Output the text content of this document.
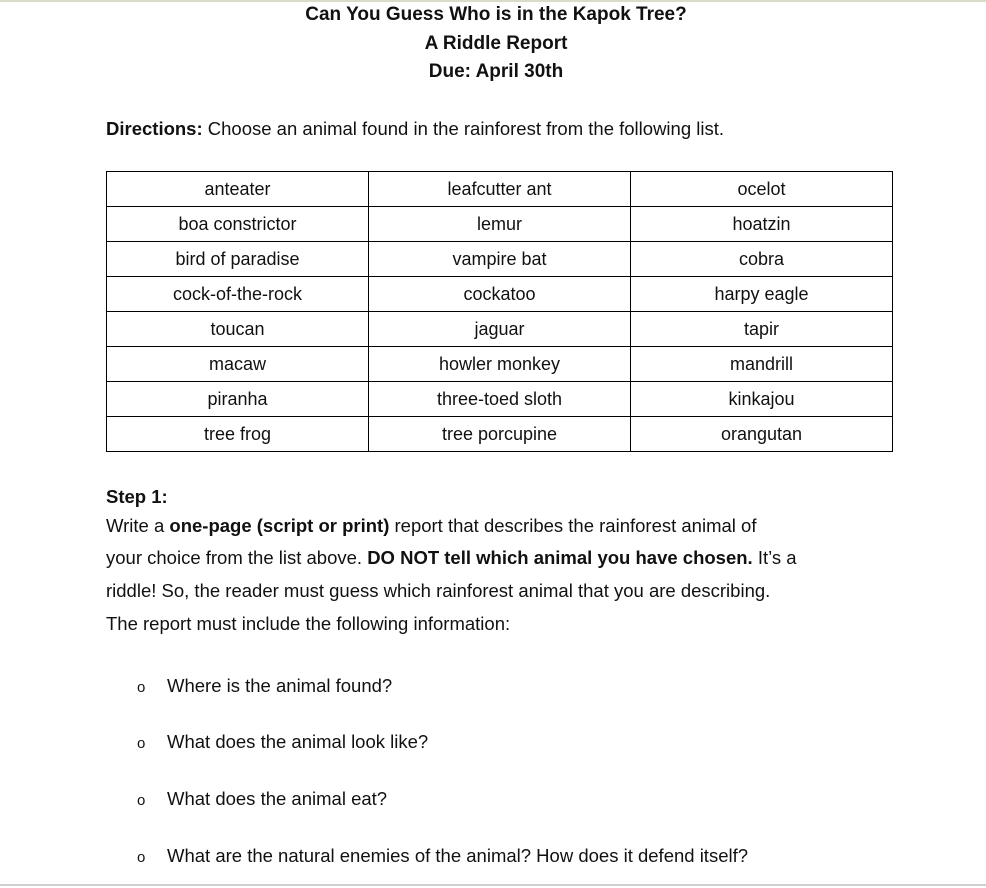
Can You Guess Who is in the Kapok Tree?
A Riddle Report
Due: April 30th
Directions: Choose an animal found in the rainforest from the following list.
anteater	leafcutter ant	ocelot
boa constrictor	lemur	hoatzin
bird of paradise	vampire bat	cobra
cock-of-the-rock	cockatoo	harpy eagle
toucan	jaguar	tapir
macaw	howler monkey	mandrill
piranha	three-toed sloth	kinkajou
tree frog	tree porcupine	orangutan
Step 1:
Write a one-page (script or print) report that describes the rainforest animal of
your choice from the list above. DO NOT tell which animal you have chosen. It’s a
riddle! So, the reader must guess which rainforest animal that you are describing.
The report must include the following information:
o Where is the animal found?
o What does the animal look like?
o What does the animal eat?
o What are the natural enemies of the animal? How does it defend itself?
